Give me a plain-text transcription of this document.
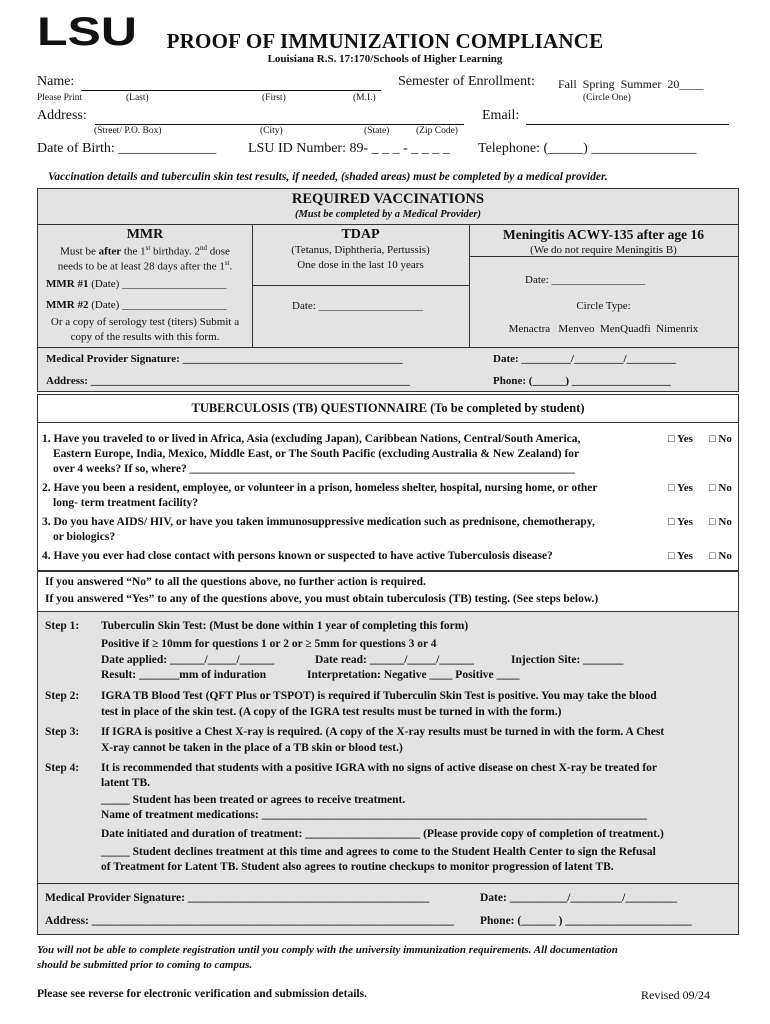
LSU	PROOF OF IMMUNIZATION COMPLIANCE
Louisiana R.S. 17:170/Schools of Higher Learning
Name:	Semester of Enrollment: Fall  Spring  Summer  20____
Please Print	(Last)	(First)	(M.I.)	(Circle One)
Address:	Email:
(Street/ P.O. Box)	(City)	(State)	(Zip Code)
Date of Birth: ______________ LSU ID Number: 89- _ _ _ - _ _ _ _ Telephone: (_____) _______________
Vaccination details and tuberculin skin test results, if needed, (shaded areas) must be completed by a medical provider.
REQUIRED VACCINATIONS
(Must be completed by a Medical Provider)
MMR
Must be after the 1st birthday. 2nd dose
needs to be at least 28 days after the 1st.
MMR #1 (Date) ___________________
MMR #2 (Date) ___________________
Or a copy of serology test (titers) Submit a
copy of the results with this form.
TDAP
(Tetanus, Diphtheria, Pertussis)
One dose in the last 10 years
Date: ___________________
Meningitis ACWY-135 after age 16
(We do not require Meningitis B)
Date: _________________
Circle Type:
Menactra   Menveo  MenQuadfi  Nimenrix
Medical Provider Signature: ________________________________________	Date: _________/_________/_________
Address: __________________________________________________________	Phone: (______) __________________
TUBERCULOSIS (TB) QUESTIONNAIRE (To be completed by student)
1. Have you traveled to or lived in Africa, Asia (excluding Japan), Caribbean Nations, Central/South America,
Eastern Europe, India, Mexico, Middle East, or The South Pacific (excluding Australia & New Zealand) for
over 4 weeks? If so, where? ___________________________________________________________________
□ Yes □ No
2. Have you been a resident, employee, or volunteer in a prison, homeless shelter, hospital, nursing home, or other
long- term treatment facility?
□ Yes □ No
3. Do you have AIDS/ HIV, or have you taken immunosuppressive medication such as prednisone, chemotherapy,
or biologics?
□ Yes □ No
4. Have you ever had close contact with persons known or suspected to have active Tuberculosis disease?	□ Yes □ No
If you answered “No” to all the questions above, no further action is required.
If you answered “Yes” to any of the questions above, you must obtain tuberculosis (TB) testing. (See steps below.)
Step 1: Tuberculin Skin Test: (Must be done within 1 year of completing this form)
Positive if ≥ 10mm for questions 1 or 2 or ≥ 5mm for questions 3 or 4
Date applied: ______/_____/______	Date read: ______/_____/______	Injection Site: _______
Result: _______mm of induration	Interpretation: Negative ____ Positive ____
Step 2: IGRA TB Blood Test (QFT Plus or TSPOT) is required if Tuberculin Skin Test is positive. You may take the blood
test in place of the skin test. (A copy of the IGRA test results must be turned in with the form.)
Step 3: If IGRA is positive a Chest X-ray is required. (A copy of the X-ray results must be turned in with the form. A Chest
X-ray cannot be taken in the place of a TB skin or blood test.)
Step 4: It is recommended that students with a positive IGRA with no signs of active disease on chest X-ray be treated for
latent TB.
_____ Student has been treated or agrees to receive treatment.
Name of treatment medications: ___________________________________________________________________
Date initiated and duration of treatment: ____________________ (Please provide copy of completion of treatment.)
_____ Student declines treatment at this time and agrees to come to the Student Health Center to sign the Refusal
of Treatment for Latent TB. Student also agrees to routine checkups to monitor progression of latent TB.
Medical Provider Signature: __________________________________________	Date: __________/_________/_________
Address: _______________________________________________________________ Phone: (______ ) ______________________
You will not be able to complete registration until you comply with the university immunization requirements. All documentation
should be submitted prior to coming to campus.
Please see reverse for electronic verification and submission details.	Revised 09/24
